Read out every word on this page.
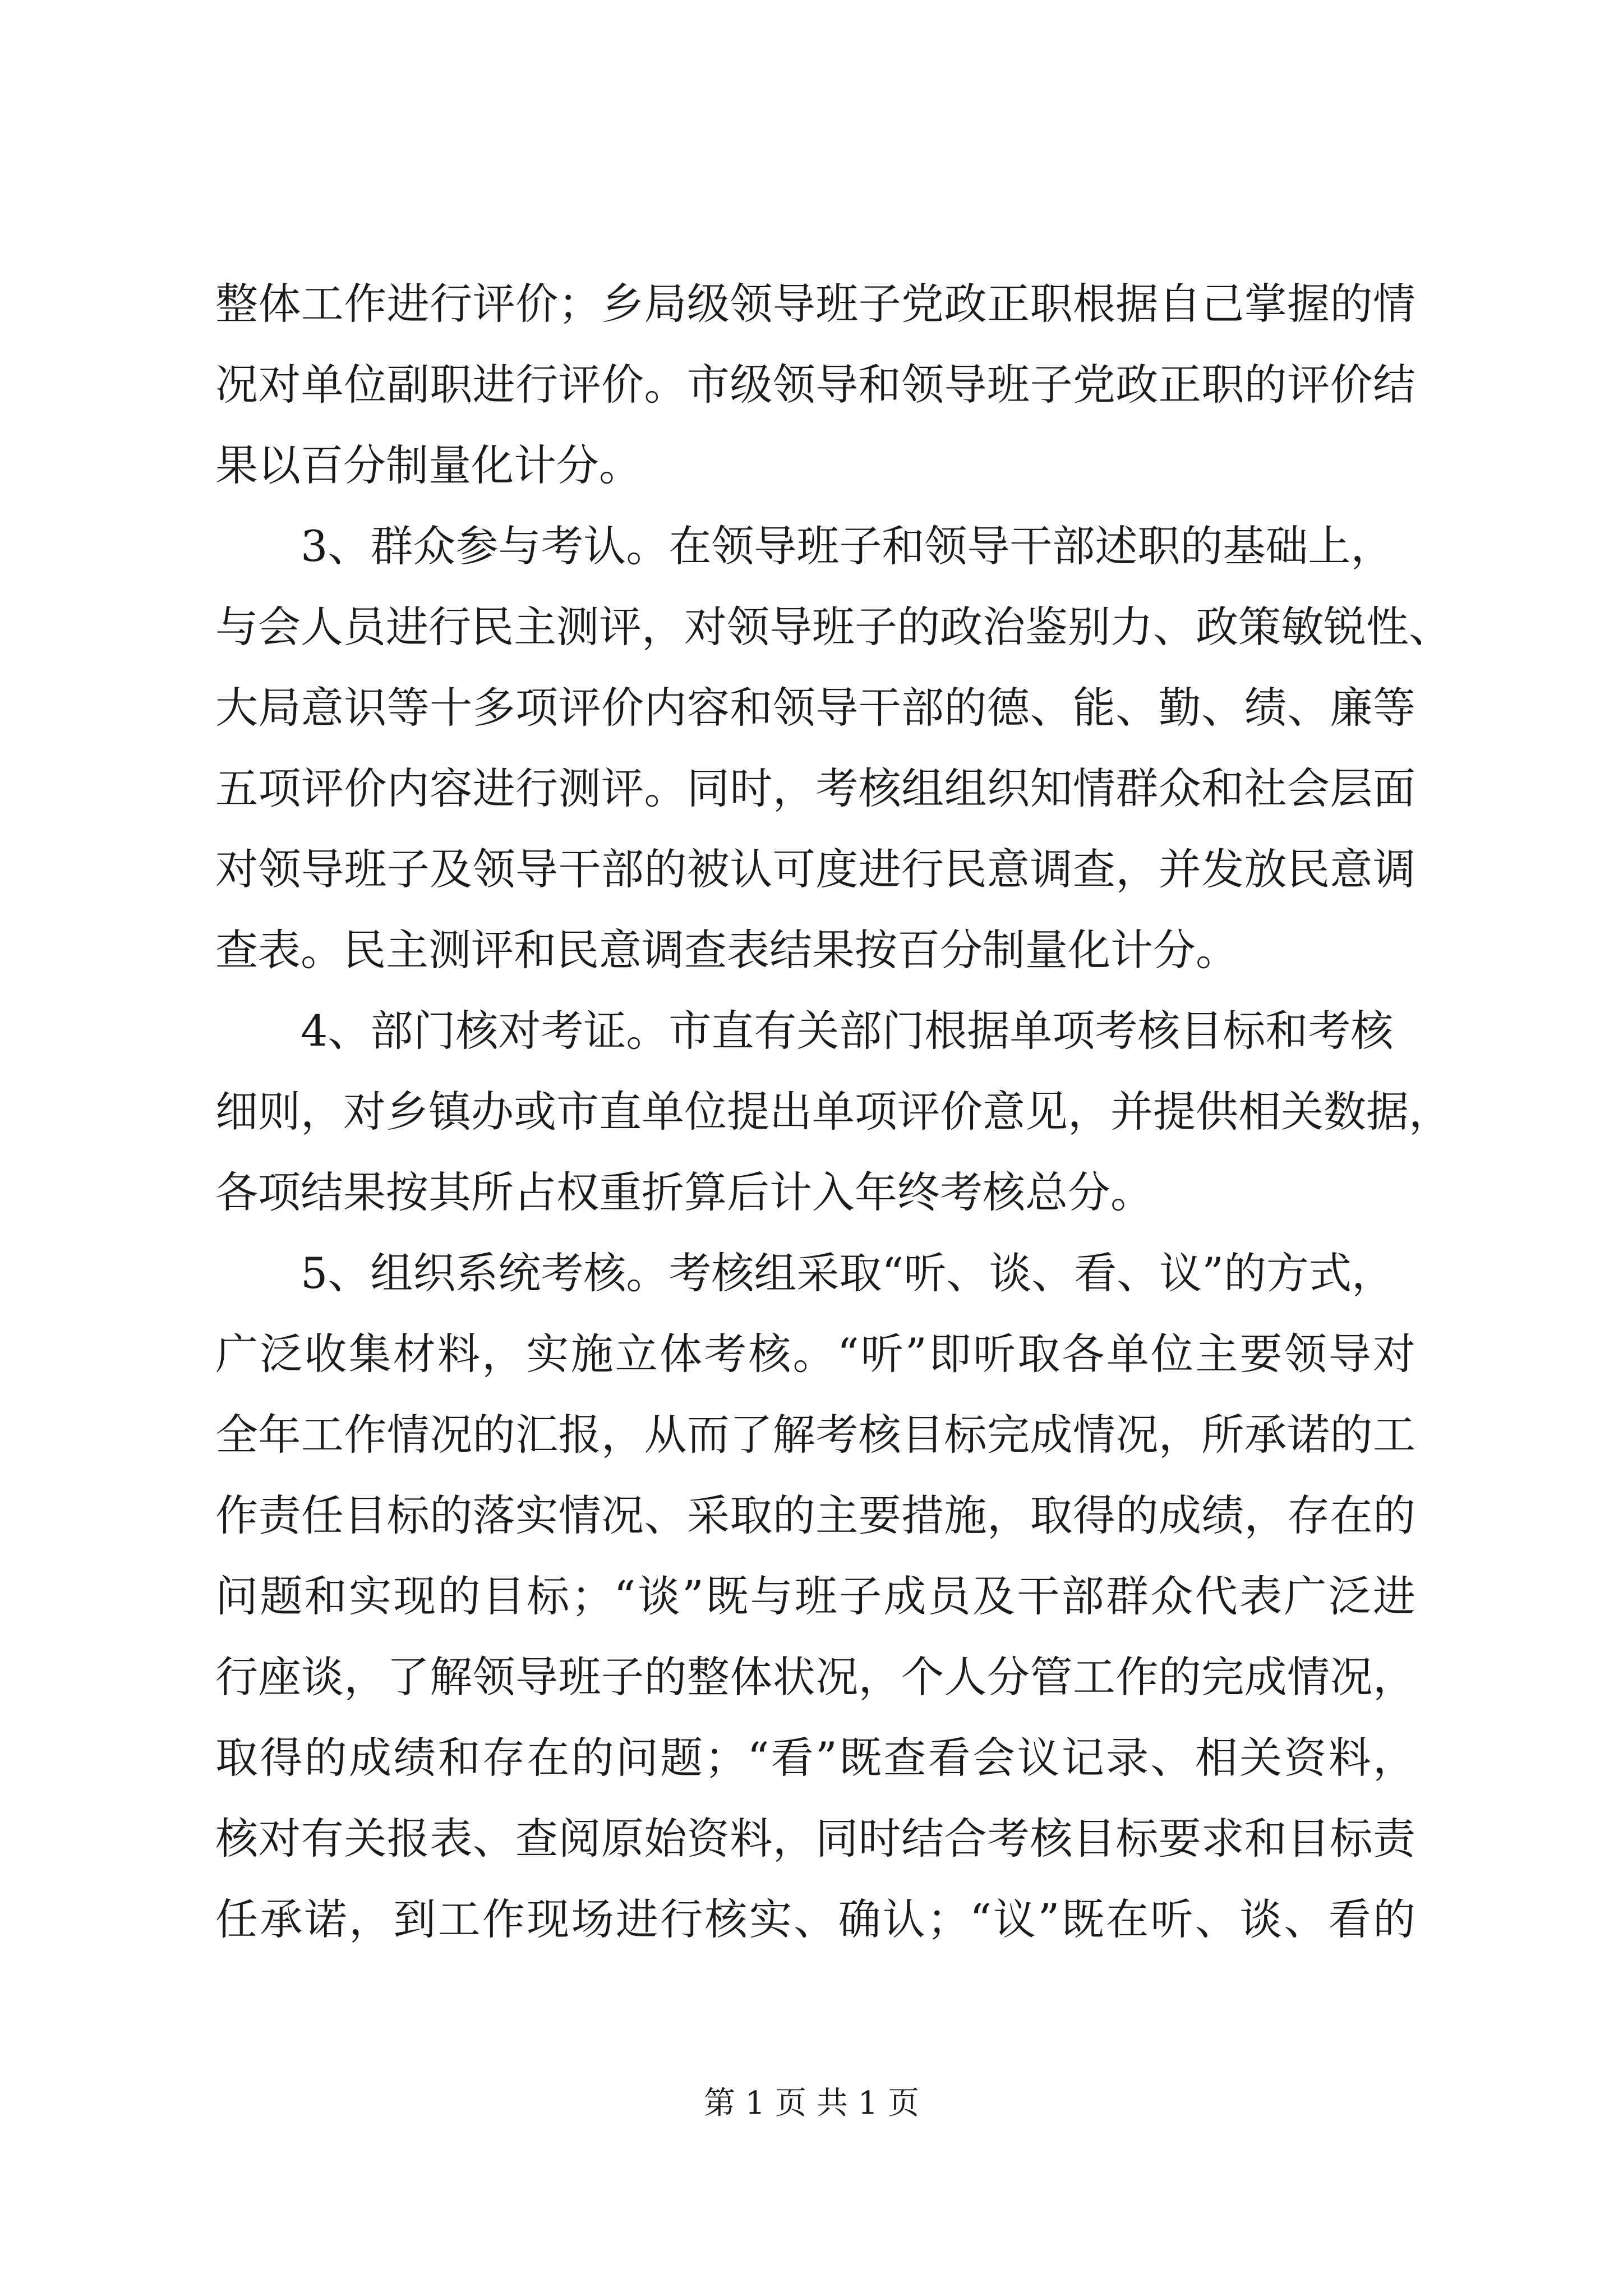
整体工作进行评价；乡局级领导班子党政正职根据自己掌握的情
况对单位副职进行评价。市级领导和领导班子党政正职的评价结
果以百分制量化计分。
3、群众参与考认。在领导班子和领导干部述职的基础上，
与会人员进行民主测评，对领导班子的政治鉴别力、政策敏锐性、
大局意识等十多项评价内容和领导干部的德、能、勤、绩、廉等
五项评价内容进行测评。同时，考核组组织知情群众和社会层面
对领导班子及领导干部的被认可度进行民意调查，并发放民意调
查表。民主测评和民意调查表结果按百分制量化计分。
4、部门核对考证。市直有关部门根据单项考核目标和考核
细则，对乡镇办或市直单位提出单项评价意见，并提供相关数据，
各项结果按其所占权重折算后计入年终考核总分。
5、组织系统考核。考核组采取“听、谈、看、议”的方式，
广泛收集材料，实施立体考核。“听”即听取各单位主要领导对
全年工作情况的汇报，从而了解考核目标完成情况，所承诺的工
作责任目标的落实情况、采取的主要措施，取得的成绩，存在的
问题和实现的目标；“谈”既与班子成员及干部群众代表广泛进
行座谈，了解领导班子的整体状况，个人分管工作的完成情况，
取得的成绩和存在的问题；“看”既查看会议记录、相关资料，
核对有关报表、查阅原始资料，同时结合考核目标要求和目标责
任承诺，到工作现场进行核实、确认；“议”既在听、谈、看的
第 1 页 共 1 页
